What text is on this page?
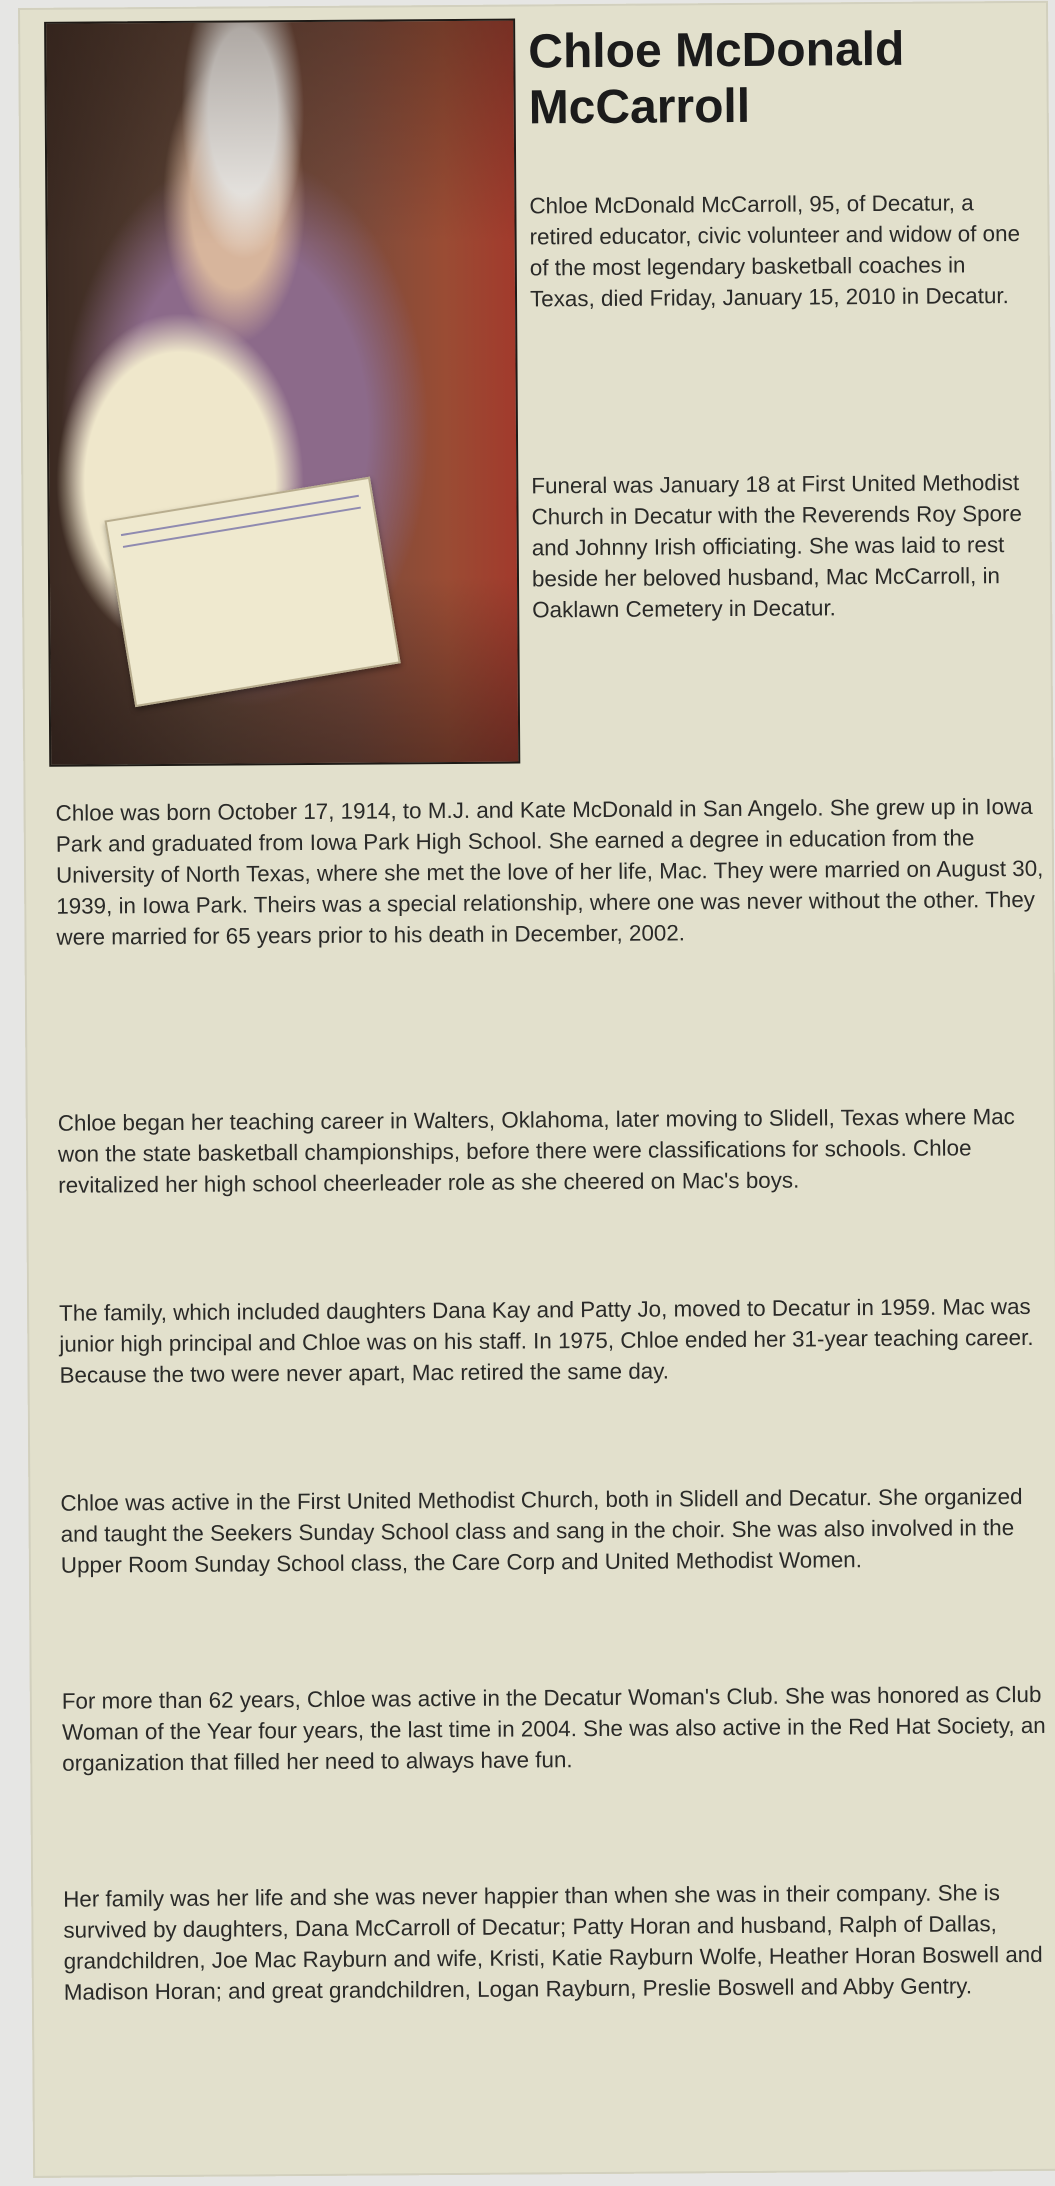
Chloe McDonald McCarroll

Chloe McDonald McCarroll, 95, of Decatur, a retired educator, civic volunteer and widow of one of the most legendary basketball coaches in Texas, died Friday, January 15, 2010 in Decatur.

Funeral was January 18 at First United Methodist Church in Decatur with the Reverends Roy Spore and Johnny Irish officiating. She was laid to rest beside her beloved husband, Mac McCarroll, in Oaklawn Cemetery in Decatur.

Chloe was born October 17, 1914, to M.J. and Kate McDonald in San Angelo. She grew up in Iowa Park and graduated from Iowa Park High School. She earned a degree in education from the University of North Texas, where she met the love of her life, Mac. They were married on August 30, 1939, in Iowa Park. Theirs was a special relationship, where one was never without the other. They were married for 65 years prior to his death in December, 2002.

Chloe began her teaching career in Walters, Oklahoma, later moving to Slidell, Texas where Mac won the state basketball championships, before there were classifications for schools. Chloe revitalized her high school cheerleader role as she cheered on Mac's boys.

The family, which included daughters Dana Kay and Patty Jo, moved to Decatur in 1959. Mac was junior high principal and Chloe was on his staff. In 1975, Chloe ended her 31-year teaching career. Because the two were never apart, Mac retired the same day.

Chloe was active in the First United Methodist Church, both in Slidell and Decatur. She organized and taught the Seekers Sunday School class and sang in the choir. She was also involved in the Upper Room Sunday School class, the Care Corp and United Methodist Women.

For more than 62 years, Chloe was active in the Decatur Woman's Club. She was honored as Club Woman of the Year four years, the last time in 2004. She was also active in the Red Hat Society, an organization that filled her need to always have fun.

Her family was her life and she was never happier than when she was in their company. She is survived by daughters, Dana McCarroll of Decatur; Patty Horan and husband, Ralph of Dallas, grandchildren, Joe Mac Rayburn and wife, Kristi, Katie Rayburn Wolfe, Heather Horan Boswell and Madison Horan; and great grandchildren, Logan Rayburn, Preslie Boswell and Abby Gentry.
